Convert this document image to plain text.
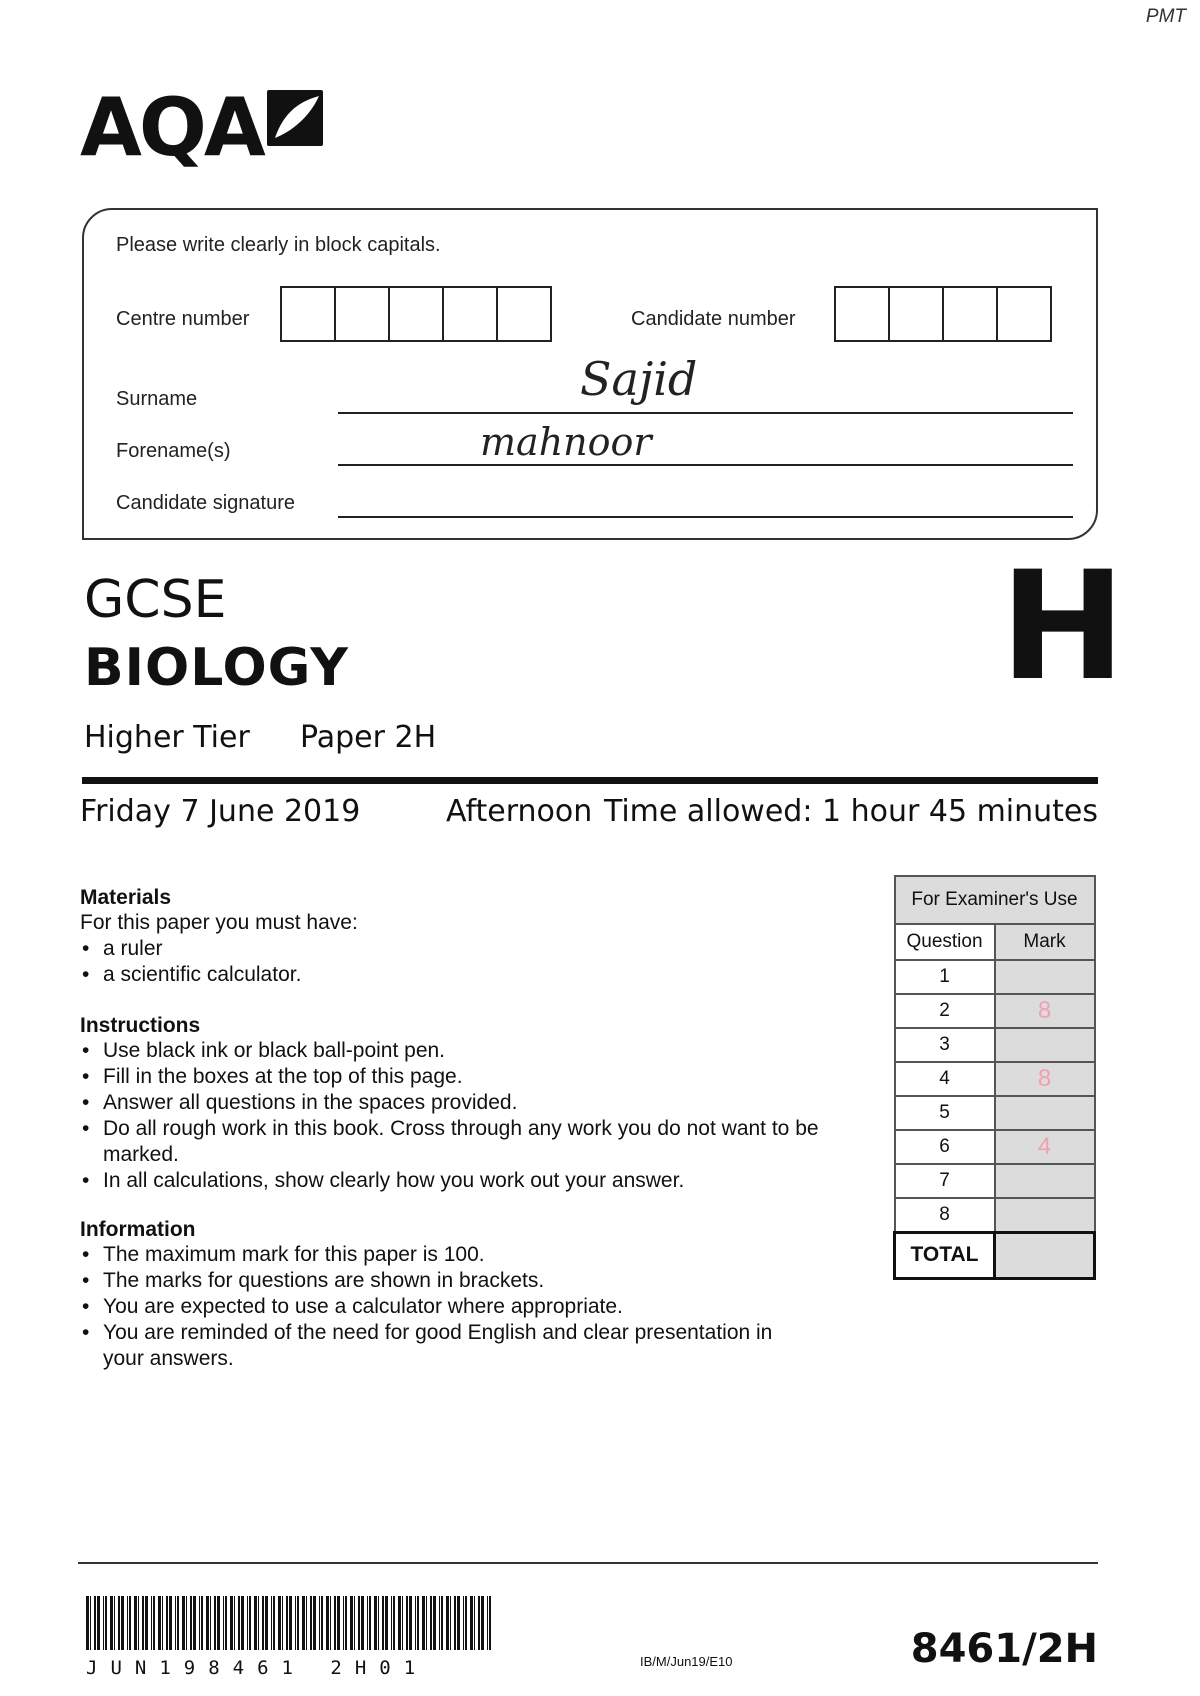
PMT
AQA
Please write clearly in block capitals.
Centre number	Candidate number
Surname	Sajid
Forename(s)	mahnoor
Candidate signature
GCSE
BIOLOGY	H
Higher Tier Paper 2H
Friday 7 June 2019	Afternoon Time allowed: 1 hour 45 minutes
Materials
For this paper you must have:
• a ruler
• a scientific calculator.
Instructions
• Use black ink or black ball-point pen.
• Fill in the boxes at the top of this page.
• Answer all questions in the spaces provided.
• Do all rough work in this book. Cross through any work you do not want to be marked.
• In all calculations, show clearly how you work out your answer.
Information
• The maximum mark for this paper is 100.
• The marks for questions are shown in brackets.
• You are expected to use a calculator where appropriate.
• You are reminded of the need for good English and clear presentation in your answers.
For Examiner's Use	
Question	Mark
1	
2	8
3	
4	8
5	
6	4
7	
8	
TOTAL	
JUN198461 2H01	IB/M/Jun19/E10	8461/2H
